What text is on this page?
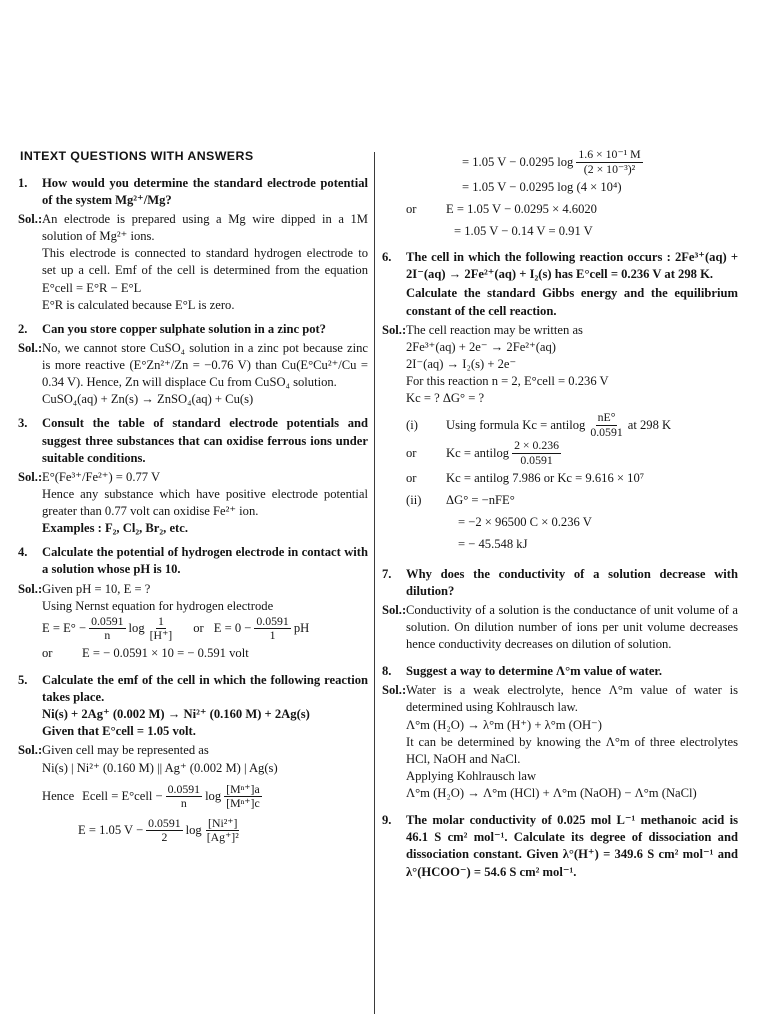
INTEXT QUESTIONS WITH ANSWERS
1.	How would you determine the standard electrode potential of the system Mg²⁺/Mg?
Sol.: An electrode is prepared using a Mg wire dipped in a 1M solution of Mg²⁺ ions.
This electrode is connected to standard hydrogen electrode to set up a cell. Emf of the cell is determined from the equation E°cell = E°R − E°L
E°R is calculated because E°L is zero.
2.	Can you store copper sulphate solution in a zinc pot?
Sol.: No, we cannot store CuSO₄ solution in a zinc pot because zinc is more reactive (E°Zn²⁺/Zn = −0.76 V) than Cu(E°Cu²⁺/Cu = 0.34 V). Hence, Zn will displace Cu from CuSO₄ solution.
CuSO₄(aq) + Zn(s) → ZnSO₄(aq) + Cu(s)
3.	Consult the table of standard electrode potentials and suggest three substances that can oxidise ferrous ions under suitable conditions.
Sol.: E°(Fe³⁺/Fe²⁺) = 0.77 V
Hence any substance which have positive electrode potential greater than 0.77 volt can oxidise Fe²⁺ ion.
Examples : F₂, Cl₂, Br₂, etc.
4.	Calculate the potential of hydrogen electrode in contact with a solution whose pH is 10.
Sol.: Given pH = 10, E = ?
Using Nernst equation for hydrogen electrode
$E = E^\circ - \frac{0.0591}{n}$ $\log \frac{1}{[H^+]}$ or $E = 0 - \frac{0.0591}{1}$ pH
or	E = − 0.0591 × 10 = − 0.591 volt
5.	Calculate the emf of the cell in which the following reaction takes place.
Ni(s) + 2Ag⁺ (0.002 M) → Ni²⁺ (0.160 M) + 2Ag(s)
Given that E°cell = 1.05 volt.
Sol.: Given cell may be represented as
Ni(s) | Ni²⁺ (0.160 M) || Ag⁺ (0.002 M) | Ag(s)
Hence Ecell = E°cell − $\frac{0.0591}{n}$ $\log \frac{\text{[Mⁿ⁺]a}}{\text{[Mⁿ⁺]c}}$
E = 1.05 $V - \frac{0.0591}{2}$ $\log \frac{\text{[Ni²⁺]}}{\text{[Ag⁺]²}}$
= 1.05 V − 0.0295 $\log \frac{\text{1.6 × 10⁻¹ M}}{\text{(2 × 10⁻³)²}}$
= 1.05 V − 0.0295 log (4 × 10⁴)
or	E = 1.05 V − 0.0295 × 4.6020
= 1.05 V − 0.14 V = 0.91 V
6.	The cell in which the following reaction occurs : 2Fe³⁺(aq) + 2I⁻(aq) → 2Fe²⁺(aq) + I₂(s) has E°cell = 0.236 V at 298 K.
Calculate the standard Gibbs energy and the equilibrium constant of the cell reaction.
Sol.: The cell reaction may be written as
2Fe³⁺(aq) + 2e⁻ → 2Fe²⁺(aq)
2I⁻(aq) → I₂(s) + 2e⁻
For this reaction n = 2, E°cell = 0.236 V
Kc = ? ΔG° = ?
(i)	Using formula Kc = antilog $\frac{nE^\circ}{0.0591}$ at 298 K
or	Kc = antilog $\frac{2 \times 0.236}{0.0591}$
or	Kc = antilog 7.986 or Kc = 9.616 × 10⁷
(ii)	ΔG° = −nFE°
= −2 × 96500 C × 0.236 V
= − 45.548 kJ
7.	Why does the conductivity of a solution decrease with dilution?
Sol.: Conductivity of a solution is the conductance of unit volume of a solution. On dilution number of ions per unit volume decreases hence conductivity decreases on dilution of solution.
8.	Suggest a way to determine Λ°m value of water.
Sol.: Water is a weak electrolyte, hence Λ°m value of water is determined using Kohlrausch law.
Λ°m (H₂O) → λ°m (H⁺) + λ°m (OH⁻)
It can be determined by knowing the Λ°m of three electrolytes HCl, NaOH and NaCl.
Applying Kohlrausch law
Λ°m (H₂O) → Λ°m (HCl) + Λ°m (NaOH) − Λ°m (NaCl)
9.	The molar conductivity of 0.025 mol L⁻¹ methanoic acid is 46.1 S cm² mol⁻¹. Calculate its degree of dissociation and dissociation constant. Given λ°(H⁺) = 349.6 S cm² mol⁻¹ and λ°(HCOO⁻) = 54.6 S cm² mol⁻¹.
